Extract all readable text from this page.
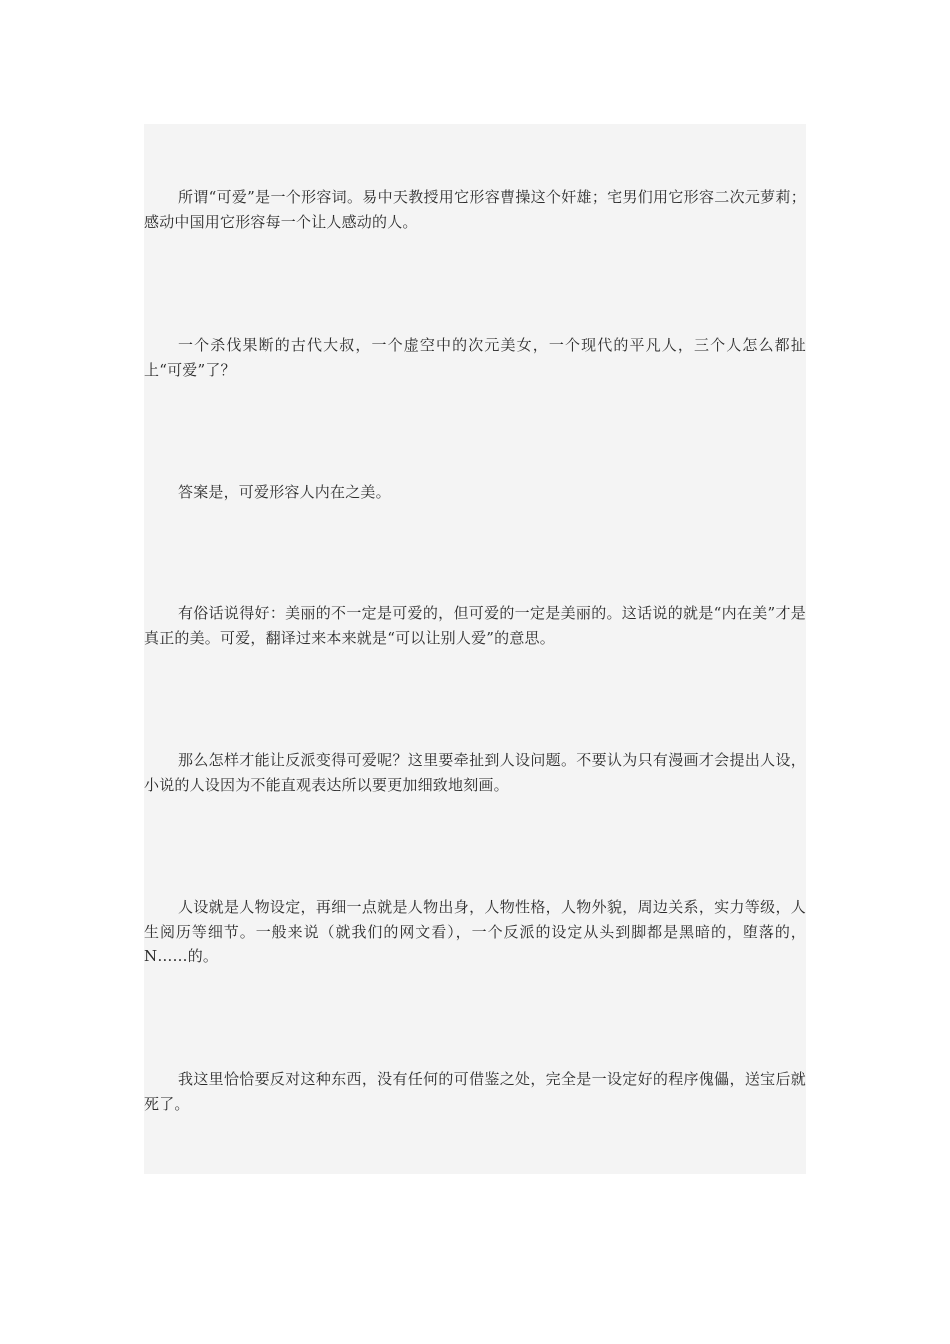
所谓“可爱”是一个形容词。易中天教授用它形容曹操这个奸雄；宅男们用它形容二次元萝莉；感动中国用它形容每一个让人感动的人。

一个杀伐果断的古代大叔，一个虚空中的次元美女，一个现代的平凡人，三个人怎么都扯上“可爱”了？

答案是，可爱形容人内在之美。

有俗话说得好：美丽的不一定是可爱的，但可爱的一定是美丽的。这话说的就是“内在美”才是真正的美。可爱，翻译过来本来就是“可以让别人爱”的意思。

那么怎样才能让反派变得可爱呢？这里要牵扯到人设问题。不要认为只有漫画才会提出人设，小说的人设因为不能直观表达所以要更加细致地刻画。

人设就是人物设定，再细一点就是人物出身，人物性格，人物外貌，周边关系，实力等级，人生阅历等细节。一般来说（就我们的网文看），一个反派的设定从头到脚都是黑暗的，堕落的，N……的。

我这里恰恰要反对这种东西，没有任何的可借鉴之处，完全是一设定好的程序傀儡，送宝后就死了。
